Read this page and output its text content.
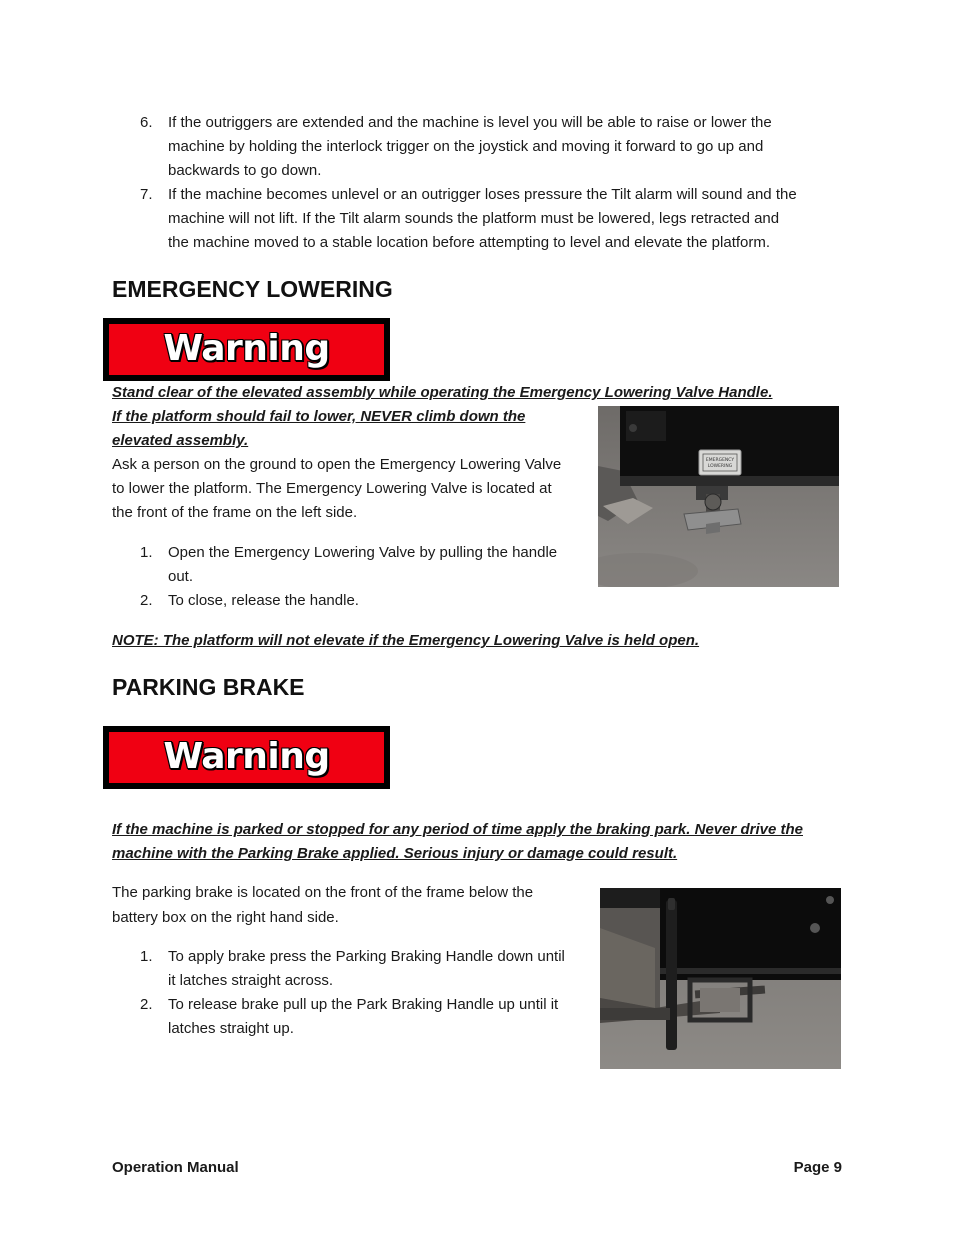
6.	If the outriggers are extended and the machine is level you will be able to raise or lower the
machine by holding the interlock trigger on the joystick and moving it forward to go up and
backwards to go down.
7.	If the machine becomes unlevel or an outrigger loses pressure the Tilt alarm will sound and the
machine will not lift. If the Tilt alarm sounds the platform must be lowered, legs retracted and
the machine moved to a stable location before attempting to level and elevate the platform.
EMERGENCY LOWERING
Warning
Stand clear of the elevated assembly while operating the Emergency Lowering Valve Handle.
If the platform should fail to lower, NEVER climb down the
elevated assembly.
Ask a person on the ground to open the Emergency Lowering Valve
to lower the platform. The Emergency Lowering Valve is located at
the front of the frame on the left side.
1.	Open the Emergency Lowering Valve by pulling the handle
out.
2.	To close, release the handle.
EMERGENCY
LOWERING
NOTE: The platform will not elevate if the Emergency Lowering Valve is held open.
PARKING BRAKE
Warning
If the machine is parked or stopped for any period of time apply the braking park. Never drive the
machine with the Parking Brake applied. Serious injury or damage could result.
The parking brake is located on the front of the frame below the
battery box on the right hand side.
1.	To apply brake press the Parking Braking Handle down until
it latches straight across.
2.	To release brake pull up the Park Braking Handle up until it
latches straight up.
Operation Manual	Page 9
